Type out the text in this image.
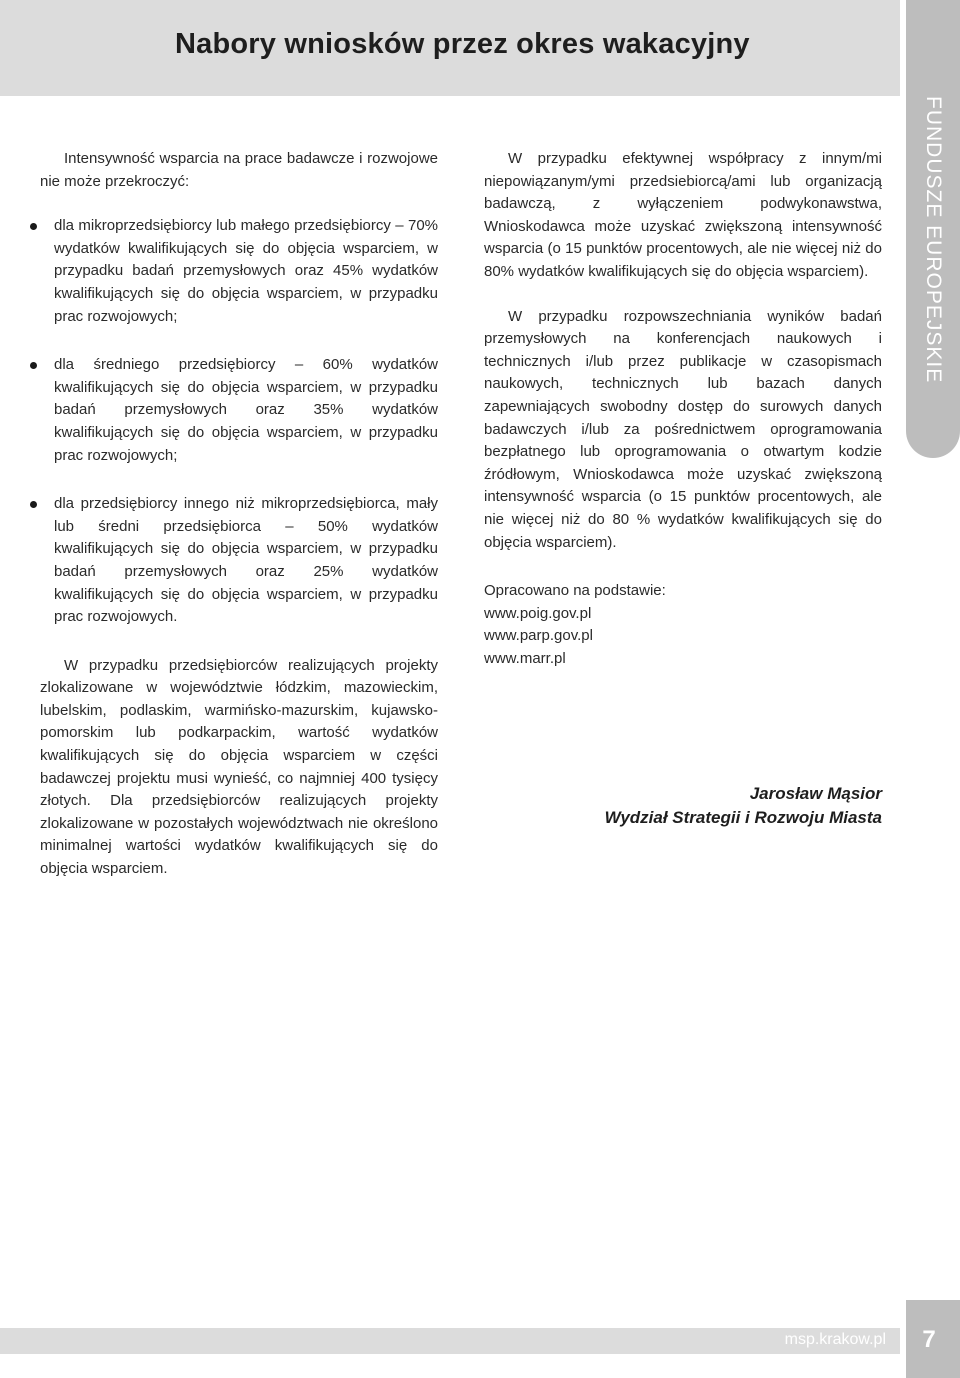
Nabory wniosków przez okres wakacyjny
FUNDUSZE EUROPEJSKIE

Intensywność wsparcia na prace badawcze i rozwojowe nie może przekroczyć:

dla mikroprzedsiębiorcy lub małego przedsiębiorcy – 70% wydatków kwalifikujących się do objęcia wsparciem, w przypadku badań przemysłowych oraz 45% wydatków kwalifikujących się do objęcia wsparciem, w przypadku prac rozwojowych;

dla średniego przedsiębiorcy – 60% wydatków kwalifikujących się do objęcia wsparciem, w przypadku badań przemysłowych oraz 35% wydatków kwalifikujących się do objęcia wsparciem, w przypadku prac rozwojowych;

dla przedsiębiorcy innego niż mikroprzedsiębiorca, mały lub średni przedsiębiorca – 50% wydatków kwalifikujących się do objęcia wsparciem, w przypadku badań przemysłowych oraz 25% wydatków kwalifikujących się do objęcia wsparciem, w przypadku prac rozwojowych.

W przypadku przedsiębiorców realizujących projekty zlokalizowane w województwie łódzkim, mazowieckim, lubelskim, podlaskim, warmińsko-mazurskim, kujawsko-pomorskim lub podkarpackim, wartość wydatków kwalifikujących się do objęcia wsparciem w części badawczej projektu musi wynieść, co najmniej 400 tysięcy złotych. Dla przedsiębiorców realizujących projekty zlokalizowane w pozostałych województwach nie określono minimalnej wartości wydatków kwalifikujących się do objęcia wsparciem.

W przypadku efektywnej współpracy z innym/mi niepowiązanym/ymi przedsiebiorcą/ami lub organizacją badawczą, z wyłączeniem podwykonawstwa, Wnioskodawca może uzyskać zwiększoną intensywność wsparcia (o 15 punktów procentowych, ale nie więcej niż do 80% wydatków kwalifikujących się do objęcia wsparciem).

W przypadku rozpowszechniania wyników badań przemysłowych na konferencjach naukowych i technicznych i/lub przez publikacje w czasopismach naukowych, technicznych lub bazach danych zapewniających swobodny dostęp do surowych danych badawczych i/lub za pośrednictwem oprogramowania bezpłatnego lub oprogramowania o otwartym kodzie źródłowym, Wnioskodawca może uzyskać zwiększoną intensywność wsparcia (o 15 punktów procentowych, ale nie więcej niż do 80 % wydatków kwalifikujących się do objęcia wsparciem).

Opracowano na podstawie:

www.poig.gov.pl

www.parp.gov.pl

www.marr.pl

Jarosław Mąsior
Wydział Strategii i Rozwoju Miasta
msp.krakow.pl	7
